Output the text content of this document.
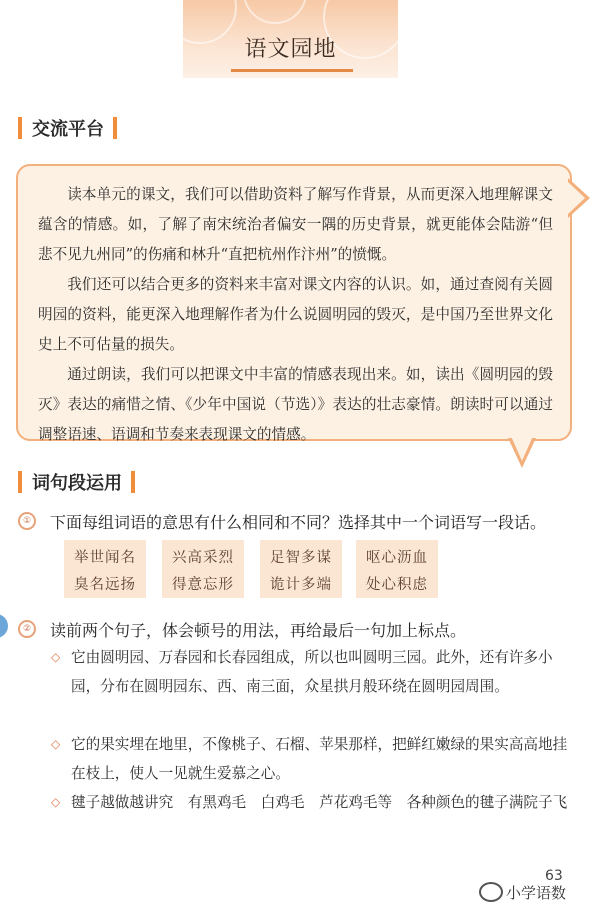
语文园地
交流平台

读本单元的课文，我们可以借助资料了解写作背景，从而更深入地理解课文蕴含的情感。如，了解了南宋统治者偏安一隅的历史背景，就更能体会陆游“但悲不见九州同”的伤痛和林升“直把杭州作汴州”的愤慨。

我们还可以结合更多的资料来丰富对课文内容的认识。如，通过查阅有关圆明园的资料，能更深入地理解作者为什么说圆明园的毁灭，是中国乃至世界文化史上不可估量的损失。

通过朗读，我们可以把课文中丰富的情感表现出来。如，读出《圆明园的毁灭》表达的痛惜之情、《少年中国说（节选）》表达的壮志豪情。朗读时可以通过调整语速、语调和节奏来表现课文的情感。

词句段运用
①	下面每组词语的意思有什么相同和不同？选择其中一个词语写一段话。
举世闻名
臭名远扬
兴高采烈
得意忘形
足智多谋
诡计多端
呕心沥血
处心积虑
②	读前两个句子，体会顿号的用法，再给最后一句加上标点。
◇ 它由圆明园、万春园和长春园组成，所以也叫圆明三园。此外，还有许多小园，分布在圆明园东、西、南三面，众星拱月般环绕在圆明园周围。
◇ 它的果实埋在地里，不像桃子、石榴、苹果那样，把鲜红嫩绿的果实高高地挂在枝上，使人一见就生爱慕之心。
◇ 毽子越做越讲究　有黑鸡毛　白鸡毛　芦花鸡毛等　各种颜色的毽子满院子飞
63
小学语数
